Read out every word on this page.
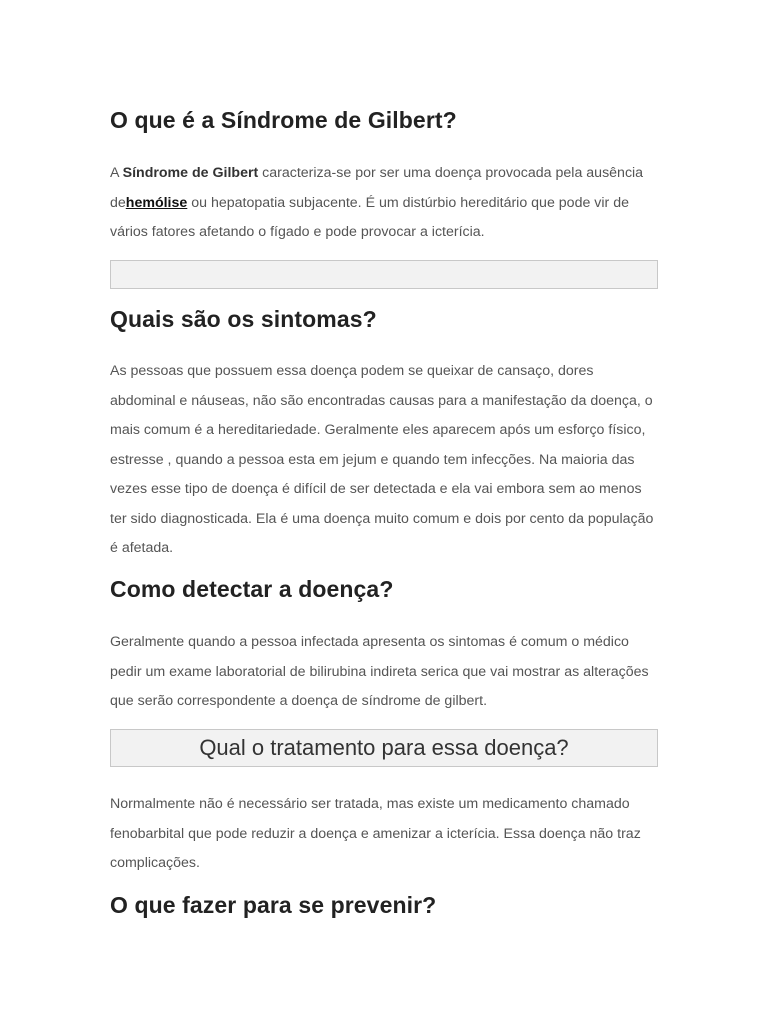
O que é a Síndrome de Gilbert?

A Síndrome de Gilbert caracteriza-se por ser uma doença provocada pela ausência dehemólise ou hepatopatia subjacente. É um distúrbio hereditário que pode vir de vários fatores afetando o fígado e pode provocar a icterícia.

Quais são os sintomas?

As pessoas que possuem essa doença podem se queixar de cansaço, dores abdominal e náuseas, não são encontradas causas para a manifestação da doença, o mais comum é a hereditariedade. Geralmente eles aparecem após um esforço físico, estresse , quando a pessoa esta em jejum e quando tem infecções. Na maioria das vezes esse tipo de doença é difícil de ser detectada e ela vai embora sem ao menos ter sido diagnosticada. Ela é uma doença muito comum e dois por cento da população é afetada.

Como detectar a doença?

Geralmente quando a pessoa infectada apresenta os sintomas é comum o médico pedir um exame laboratorial de bilirubina indireta serica que vai mostrar as alterações que serão correspondente a doença de síndrome de gilbert.

Qual o tratamento para essa doença?

Normalmente não é necessário ser tratada, mas existe um medicamento chamado fenobarbital que pode reduzir a doença e amenizar a icterícia. Essa doença não traz complicações.

O que fazer para se prevenir?
